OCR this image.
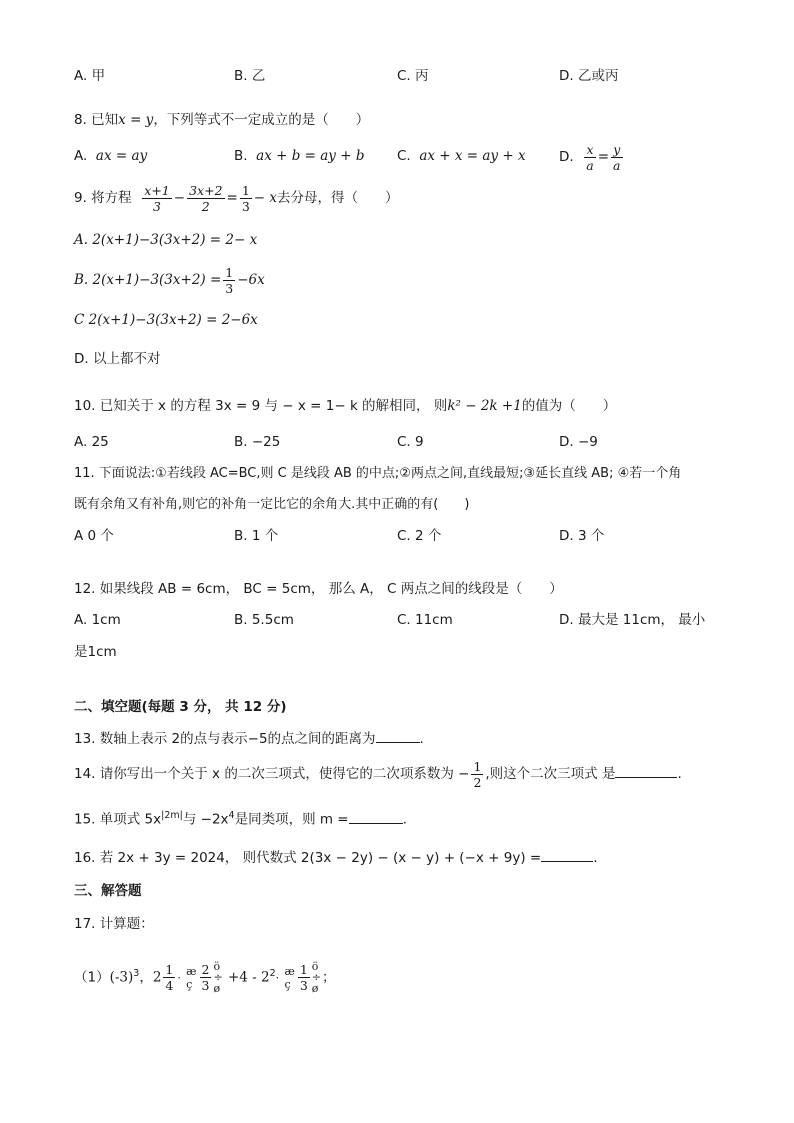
A. 甲	B. 乙	C. 丙	D. 乙或丙
8. 已知x = y，下列等式不一定成立的是（　　）
A. ax = ay	B. ax + b = ay + b C. ax + x = ay + x D. $\frac{x}{a} = \frac{y}{a}$
9. 将方程 $\frac{x+1}{3} - \frac{3x+2}{2} = \frac{1}{3} - x$去分母，得（　　）
A. 2(x+1)−3(3x+2) = 2− x
B. $2(x+1)-3(3x+2) = \frac{1}{3} -6x$
C 2(x+1)−3(3x+2) = 2−6x
D. 以上都不对
10. 已知关于 x 的方程 3x = 9 与 − x = 1− k 的解相同， 则k² − 2k +1的值为（　　）
A. 25	B. −25	C. 9	D. −9
11. 下面说法:①若线段 AC=BC,则 C 是线段 AB 的中点;②两点之间,直线最短;③延长直线 AB; ④若一个角
既有余角又有补角,则它的补角一定比它的余角大.其中正确的有(　　)
A 0 个	B. 1 个	C. 2 个	D. 3 个
12. 如果线段 AB = 6cm， BC = 5cm， 那么 A， C 两点之间的线段是（　　）
A. 1cm	B. 5.5cm	C. 11cm	D. 最大是 11cm， 最小
是1cm
二、填空题(每题 3 分， 共 12 分)
13. 数轴上表示 2的点与表示−5的点之间的距离为	.
14. 请你写出一个关于 x 的二次三项式，使得它的二次项系数为 − $\frac{1}{2}$ ,则这个二次三项式 是	.
15. 单项式 $5x^{|2m|}$与 $-2x^4$是同类项，则 m =	.
16. 若 2x + 3y = 2024， 则代数式 2(3x − 2y) − (x − y) + (−x + 9y) =	.
三、解答题
17. 计算题：
$(1)(-3)^3$，$2 \frac{1}{4}$ ·
æ
ç $\frac{2}{3}$ ö
÷
ø
$+4 - 2^2\cdot$
æ
ç $\frac{1}{3}$ ö
÷
ø
；
